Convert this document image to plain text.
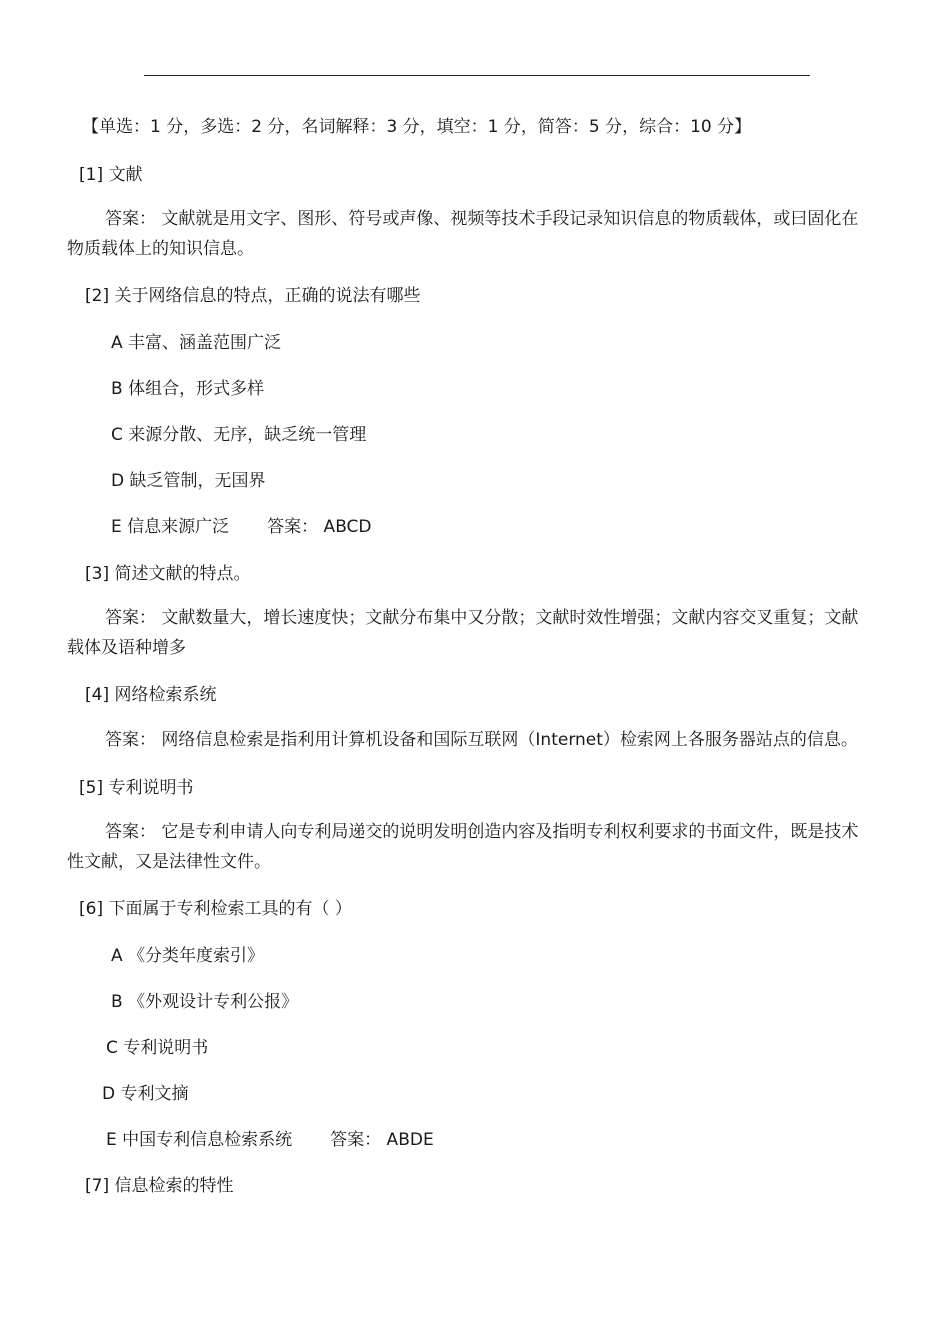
【单选：1 分，多选：2 分，名词解释：3 分，填空：1 分，简答：5 分，综合：10 分】
[1] 文献
答案： 文献就是用文字、图形、符号或声像、视频等技术手段记录知识信息的物质载体，或曰固化在物质载体上的知识信息。
[2] 关于网络信息的特点，正确的说法有哪些
A 丰富、涵盖范围广泛
B 体组合，形式多样
C 来源分散、无序，缺乏统一管理
D 缺乏管制，无国界
E 信息来源广泛 答案： ABCD
[3] 简述文献的特点。
答案： 文献数量大，增长速度快；文献分布集中又分散；文献时效性增强；文献内容交叉重复；文献载体及语种增多
[4] 网络检索系统
答案： 网络信息检索是指利用计算机设备和国际互联网（Internet）检索网上各服务器站点的信息。
[5] 专利说明书
答案： 它是专利申请人向专利局递交的说明发明创造内容及指明专利权利要求的书面文件，既是技术性文献，又是法律性文件。
[6] 下面属于专利检索工具的有（ ）
A 《分类年度索引》
B 《外观设计专利公报》
C 专利说明书
D 专利文摘
E 中国专利信息检索系统 答案： ABDE
[7] 信息检索的特性
